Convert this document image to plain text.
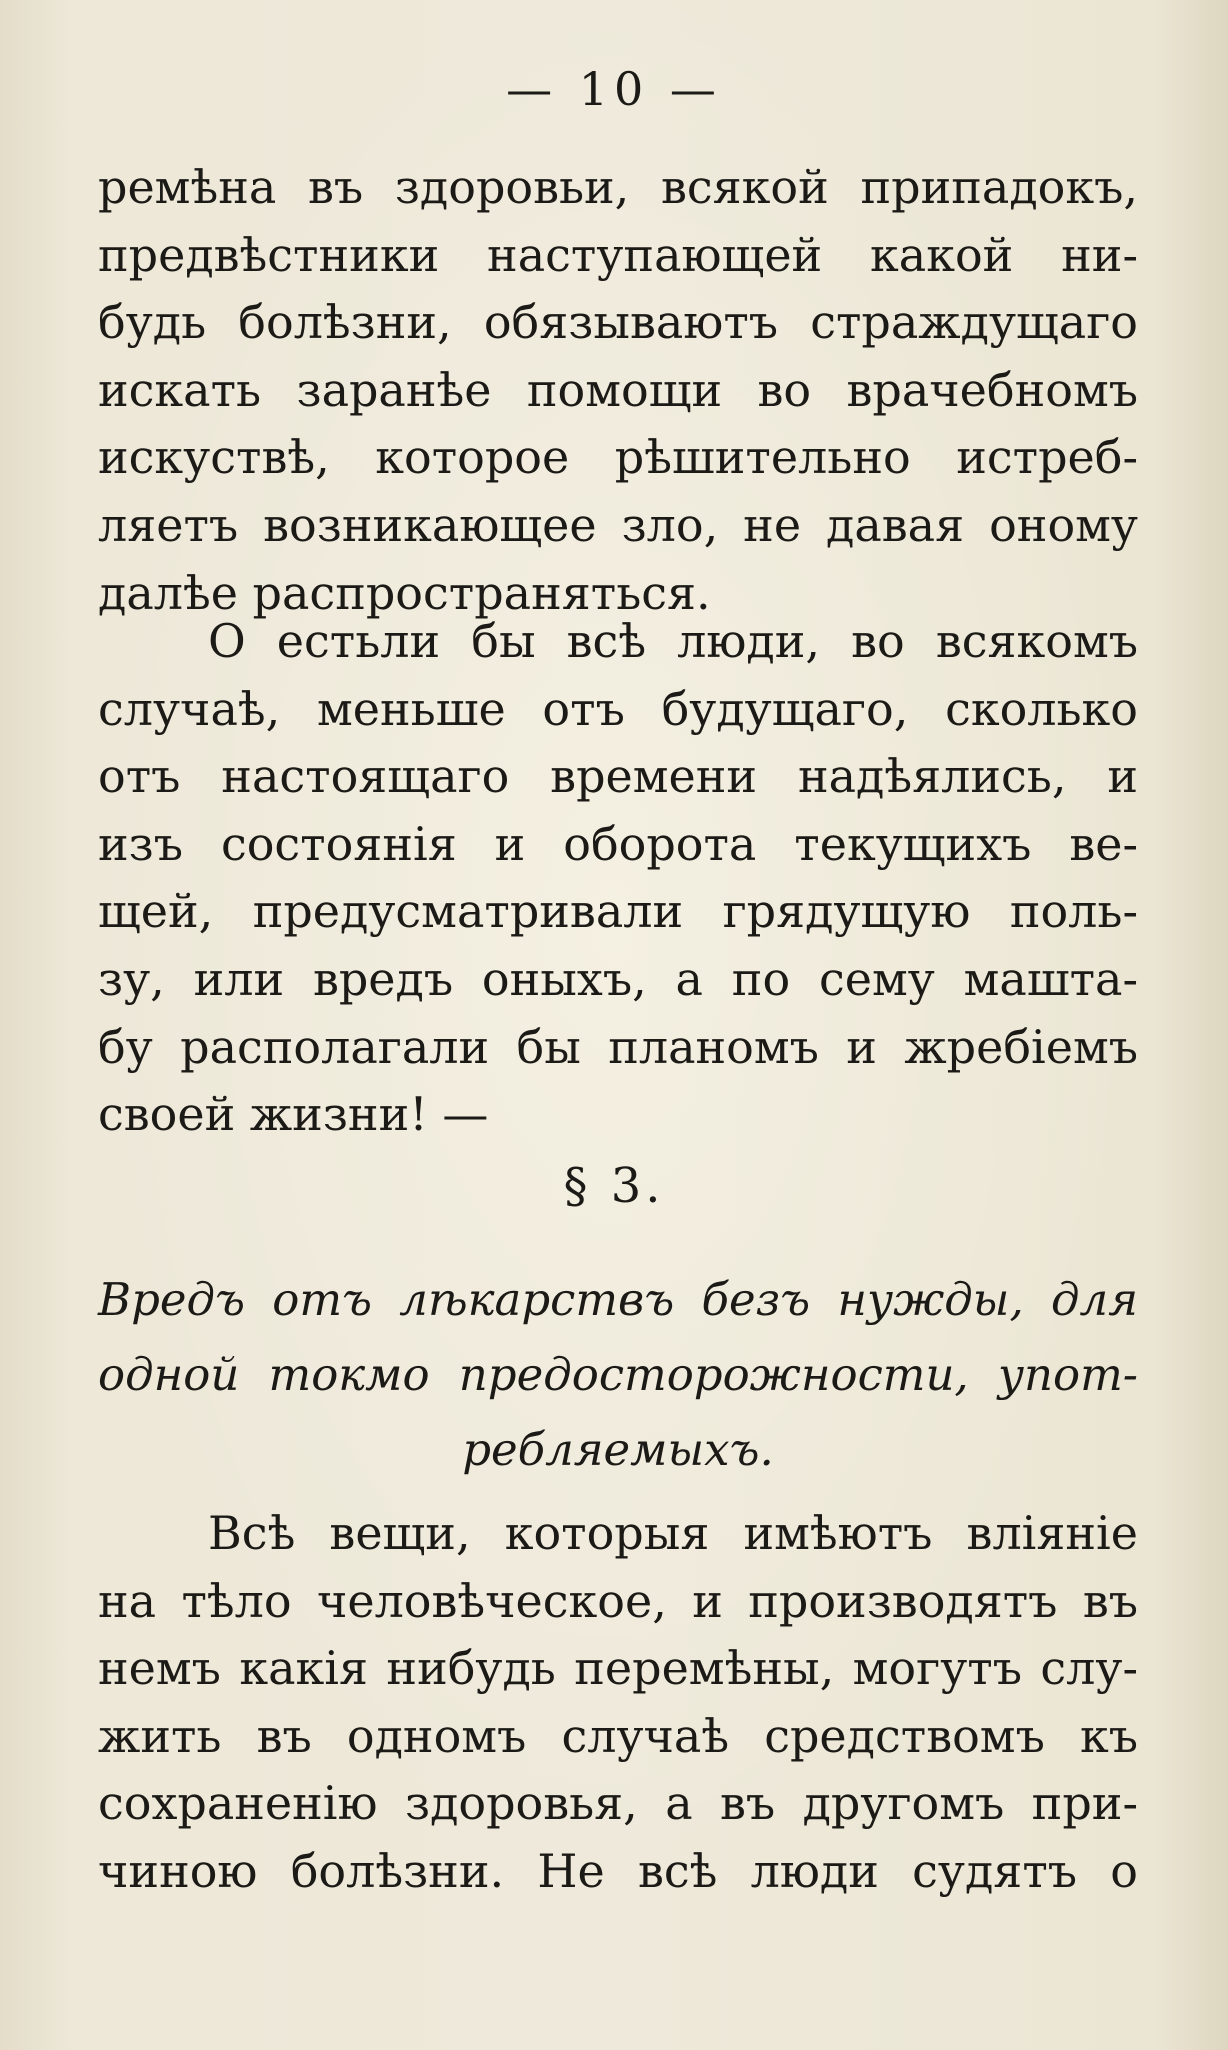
— 10 —
ремѣна въ здоровьи, всякой припадокъ,
предвѣстники наступающей какой ни-
будь болѣзни, обязываютъ страждущаго
искать заранѣе помощи во врачебномъ
искуствѣ, которое рѣшительно истреб-
ляетъ возникающее зло, не давая оному
далѣе распространяться.
О естьли бы всѣ люди, во всякомъ
случаѣ, меньше отъ будущаго, сколько
отъ настоящаго времени надѣялись, и
изъ состоянія и оборота текущихъ ве-
щей, предусматривали грядущую поль-
зу, или вредъ оныхъ, а по сему машта-
бу располагали бы планомъ и жребіемъ
своей жизни! —
§ 3.
Вредъ отъ лѣкарствъ безъ нужды, для
одной токмо предосторожности, упот-
ребляемыхъ.
Всѣ вещи, которыя имѣютъ вліяніе
на тѣло человѣческое, и производятъ въ
немъ какія нибудь перемѣны, могутъ слу-
жить въ одномъ случаѣ средствомъ къ
сохраненію здоровья, а въ другомъ при-
чиною болѣзни. Не всѣ люди судятъ о
